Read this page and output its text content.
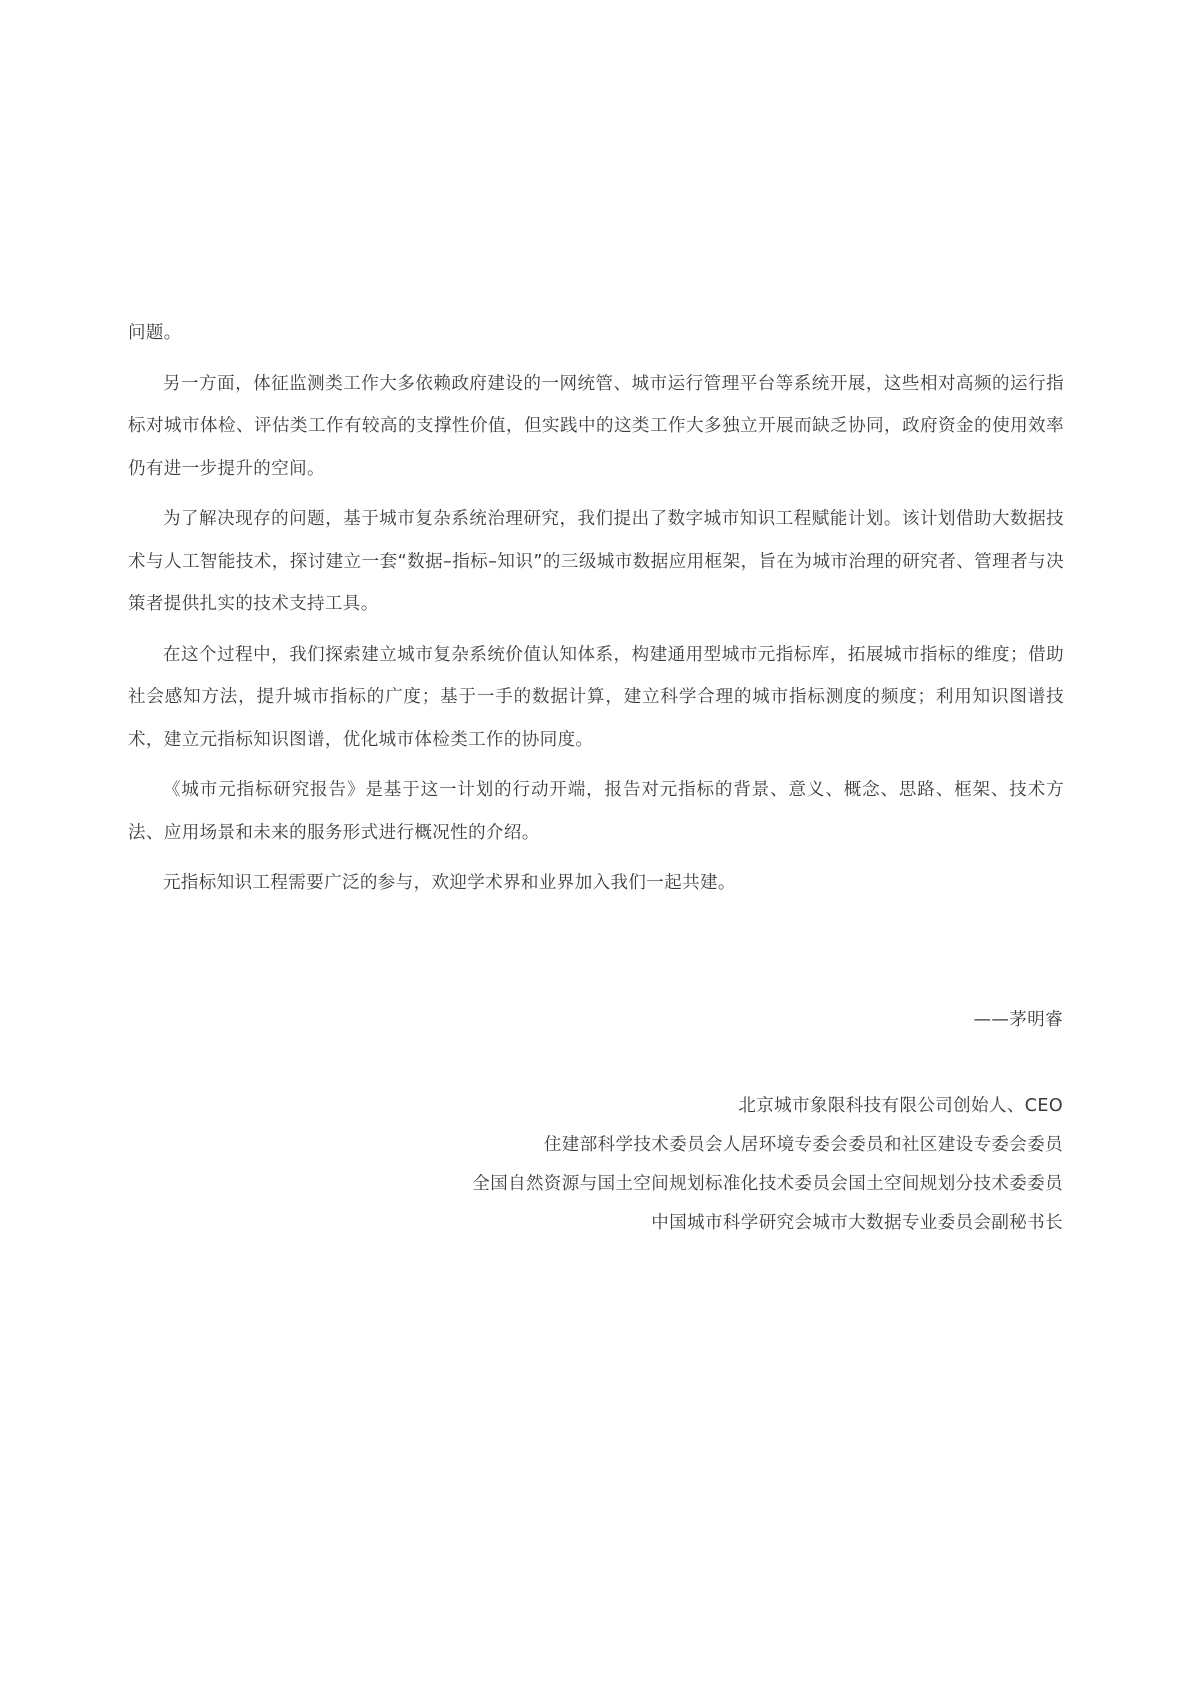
问题。

另一方面，体征监测类工作大多依赖政府建设的一网统管、城市运行管理平台等系统开展，这些相对高频的运行指标对城市体检、评估类工作有较高的支撑性价值，但实践中的这类工作大多独立开展而缺乏协同，政府资金的使用效率仍有进一步提升的空间。

为了解决现存的问题，基于城市复杂系统治理研究，我们提出了数字城市知识工程赋能计划。该计划借助大数据技术与人工智能技术，探讨建立一套“数据–指标–知识”的三级城市数据应用框架，旨在为城市治理的研究者、管理者与决策者提供扎实的技术支持工具。

在这个过程中，我们探索建立城市复杂系统价值认知体系，构建通用型城市元指标库，拓展城市指标的维度；借助社会感知方法，提升城市指标的广度；基于一手的数据计算，建立科学合理的城市指标测度的频度；利用知识图谱技术，建立元指标知识图谱，优化城市体检类工作的协同度。

《城市元指标研究报告》是基于这一计划的行动开端，报告对元指标的背景、意义、概念、思路、框架、技术方法、应用场景和未来的服务形式进行概况性的介绍。

元指标知识工程需要广泛的参与，欢迎学术界和业界加入我们一起共建。

——茅明睿
北京城市象限科技有限公司创始人、CEO
住建部科学技术委员会人居环境专委会委员和社区建设专委会委员
全国自然资源与国土空间规划标准化技术委员会国土空间规划分技术委委员
中国城市科学研究会城市大数据专业委员会副秘书长
